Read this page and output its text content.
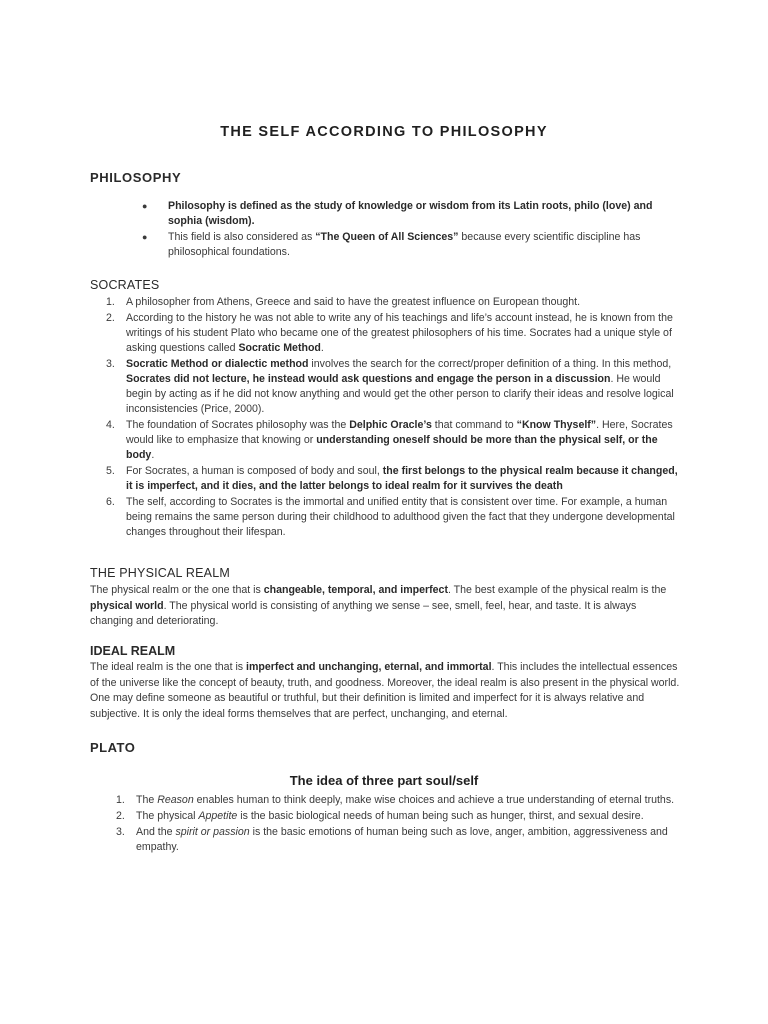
THE SELF ACCORDING TO PHILOSOPHY
PHILOSOPHY
● Philosophy is defined as the study of knowledge or wisdom from its Latin roots, philo (love) and sophia (wisdom).
● This field is also considered as “The Queen of All Sciences” because every scientific discipline has philosophical foundations.
SOCRATES
1. A philosopher from Athens, Greece and said to have the greatest influence on European thought.
2. According to the history he was not able to write any of his teachings and life’s account instead, he is known from the writings of his student Plato who became one of the greatest philosophers of his time. Socrates had a unique style of asking questions called Socratic Method.
3. Socratic Method or dialectic method involves the search for the correct/proper definition of a thing. In this method, Socrates did not lecture, he instead would ask questions and engage the person in a discussion. He would begin by acting as if he did not know anything and would get the other person to clarify their ideas and resolve logical inconsistencies (Price, 2000).
4. The foundation of Socrates philosophy was the Delphic Oracle’s that command to “Know Thyself”. Here, Socrates would like to emphasize that knowing or understanding oneself should be more than the physical self, or the body.
5. For Socrates, a human is composed of body and soul, the first belongs to the physical realm because it changed, it is imperfect, and it dies, and the latter belongs to ideal realm for it survives the death
6. The self, according to Socrates is the immortal and unified entity that is consistent over time. For example, a human being remains the same person during their childhood to adulthood given the fact that they undergone developmental changes throughout their lifespan.
THE PHYSICAL REALM

The physical realm or the one that is changeable, temporal, and imperfect. The best example of the physical realm is the physical world. The physical world is consisting of anything we sense – see, smell, feel, hear, and taste. It is always changing and deteriorating.

IDEAL REALM

The ideal realm is the one that is imperfect and unchanging, eternal, and immortal. This includes the intellectual essences of the universe like the concept of beauty, truth, and goodness. Moreover, the ideal realm is also present in the physical world. One may define someone as beautiful or truthful, but their definition is limited and imperfect for it is always relative and subjective. It is only the ideal forms themselves that are perfect, unchanging, and eternal.

PLATO
The idea of three part soul/self
1. The Reason enables human to think deeply, make wise choices and achieve a true understanding of eternal truths.
2. The physical Appetite is the basic biological needs of human being such as hunger, thirst, and sexual desire.
3. And the spirit or passion is the basic emotions of human being such as love, anger, ambition, aggressiveness and empathy.
